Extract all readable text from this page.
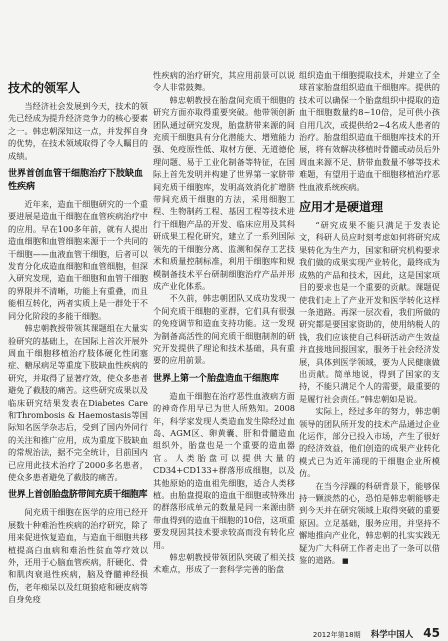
技术的领军人

当经济社会发展到今天，技术的领先已经成为提升经济竞争力的核心要素之一。韩忠朝深知这一点，并发挥自身的优势，在技术领域取得了令人瞩目的成绩。

世界首创血管干细胞治疗下肢缺血性疾病

近年来，造血干细胞研究的一个重要进展是造血干细胞在血管疾病治疗中的应用。早在100多年前，就有人提出造血细胞和血管细胞来源于一个共同的干细胞——血液血管干细胞，后者可以发育分化成造血细胞和血管细胞，但深入研究发现，造血干细胞和血管干细胞的界限并不清晰，功能上有重叠，而且能相互转化，两者实质上是一群处于不同分化阶段的多能干细胞。

韩忠朝教授带领其课题组在大量实验研究的基础上，在国际上首次开展外周血干细胞移植治疗肢体硬化性闭塞症、糖尿病足等重度下肢缺血性疾病的研究，并取得了显著疗效，使众多患者避免了截肢的痛苦。这些研究成果以及临床研究结果发表在Diabetes Care和Thrombosis & Haemostasis等国际知名医学杂志后，受到了国内外同行的关注和推广应用，成为重度下肢缺血的常规治法，据不完全统计，目前国内已应用此技术治疗了2000多名患者，使众多患者避免了截肢的痛苦。

世界上首创胎盘脐带间充质干细胞库

间充质干细胞在医学的应用已经开展数十种难治性疾病的治疗研究，除了用来促进恢复造血，与造血干细胞共移植提高白血病和难治性贫血等疗效以外，还用于心脑血管疾病，肝硬化、骨和肌肉衰退性疾病，脑及脊髓神经损伤，老年痴呆以及红斑狼疮和硬皮病等自身免疫

性疾病的治疗研究，其应用前景可以说令人非常鼓舞。

韩忠朝教授在胎盘间充质干细胞的研究方面亦取得重要突破。他带领创新团队通过研究发现，胎盘脐带来源的间充质干细胞具有分化潜能大、增殖能力强、免疫原性低、取材方便、无道德伦理问题、易于工业化制备等特征，在国际上首先发明并构建了世界第一家脐带间充质干细胞库，发明高效消化扩增脐带间充质干细胞的方法，采用细胞工程、生物制药工程、基因工程等技术进行干细胞产品的开发、临床应用及其科研成果工程化研究，建立了一系列国际领先的干细胞分离、监测和保存工艺技术和质量控制标准，利用干细胞库和规模制备技术平台研制细胞治疗产品并形成产业化体系。

不久前，韩忠朝团队又成功发现一个间充质干细胞的亚群，它们具有很强的免疫调节和造血支持功能。这一发现为制备高活性的间充质干细胞制剂的研究开发提供了理论和技术基础，具有重要的应用前景。

世界上第一个胎盘造血干细胞库

造血干细胞在治疗恶性血液病方面的神奇作用早已为世人所熟知。2008年，科学家发现人类造血发生除经过血岛、AGM区、卵黄囊、肝和骨髓造血组织外，胎盘也是一个重要的造血器官。人类胎盘可以提供大量的CD34+CD133+群落形成细胞，以及其他原始的造血祖先细胞，适合人类移植。由胎盘提取的造血干细胞或特殊出的群落形成单元的数量是同一来源由脐带血得到的造血干细胞的10倍，这项重要发现因其技术要求较高而没有转化应用。

韩忠朝教授带领团队突破了相关技术难点，形成了一套科学完善的胎盘

组织造血干细胞提取技术，并建立了全球首家胎盘组织造血干细胞库。提供的技术可以确保一个胎盘组织中提取的造血干细胞数量约8~10倍，足可供小孩自用几次，或提供给2~4名成人患者的治疗。胎盘组织造血干细胞库技术的开展，将有效解决移植时骨髓或动员后外周血来源不足、脐带血数量不够等技术难题，有望用于造血干细胞移植治疗恶性血液系统疾病。

应用才是硬道理

“研究成果不能只满足于发表论文，科研人员应时刻考虑如何将研究成果转化为生产力，国家和研究机构要求我们做的成果实现产业转化，最终成为成熟的产品和技术，因此，这是国家项目的要求也是一个重要的贡献。课题促使我们走上了产业开发和医学转化这样一条道路。再深一层次看，我们所做的研究都是要国家资助的，使用纳税人的钱，我们应该使自己科研活动产生效益并直接地回报国家，服务于社会经济发展，具体到医学领域，要为人民健康做出贡献。简单地说，得到了国家的支持，不能只满足个人的需要，最重要的是履行社会责任。”韩忠朝如是说。

实际上，经过多年的努力，韩忠朝领导的团队所开发的技术产品通过企业化运作，部分已投入市场，产生了很好的经济效益，他们创造的成果产业转化模式已为近年涌现的干细胞企业所模仿。

在当今浮躁的科研背景下，能够保持一颗淡然的心，恐怕是韩忠朝能够走到今天并在研究领域上取得突破的重要原因。立足基础，服务应用，并坚持不懈地推向产业化，韩忠朝的扎实实践无疑为广大科研工作者走出了一条可以借鉴的道路。 ■

2012年第18期 科学中国人 45
